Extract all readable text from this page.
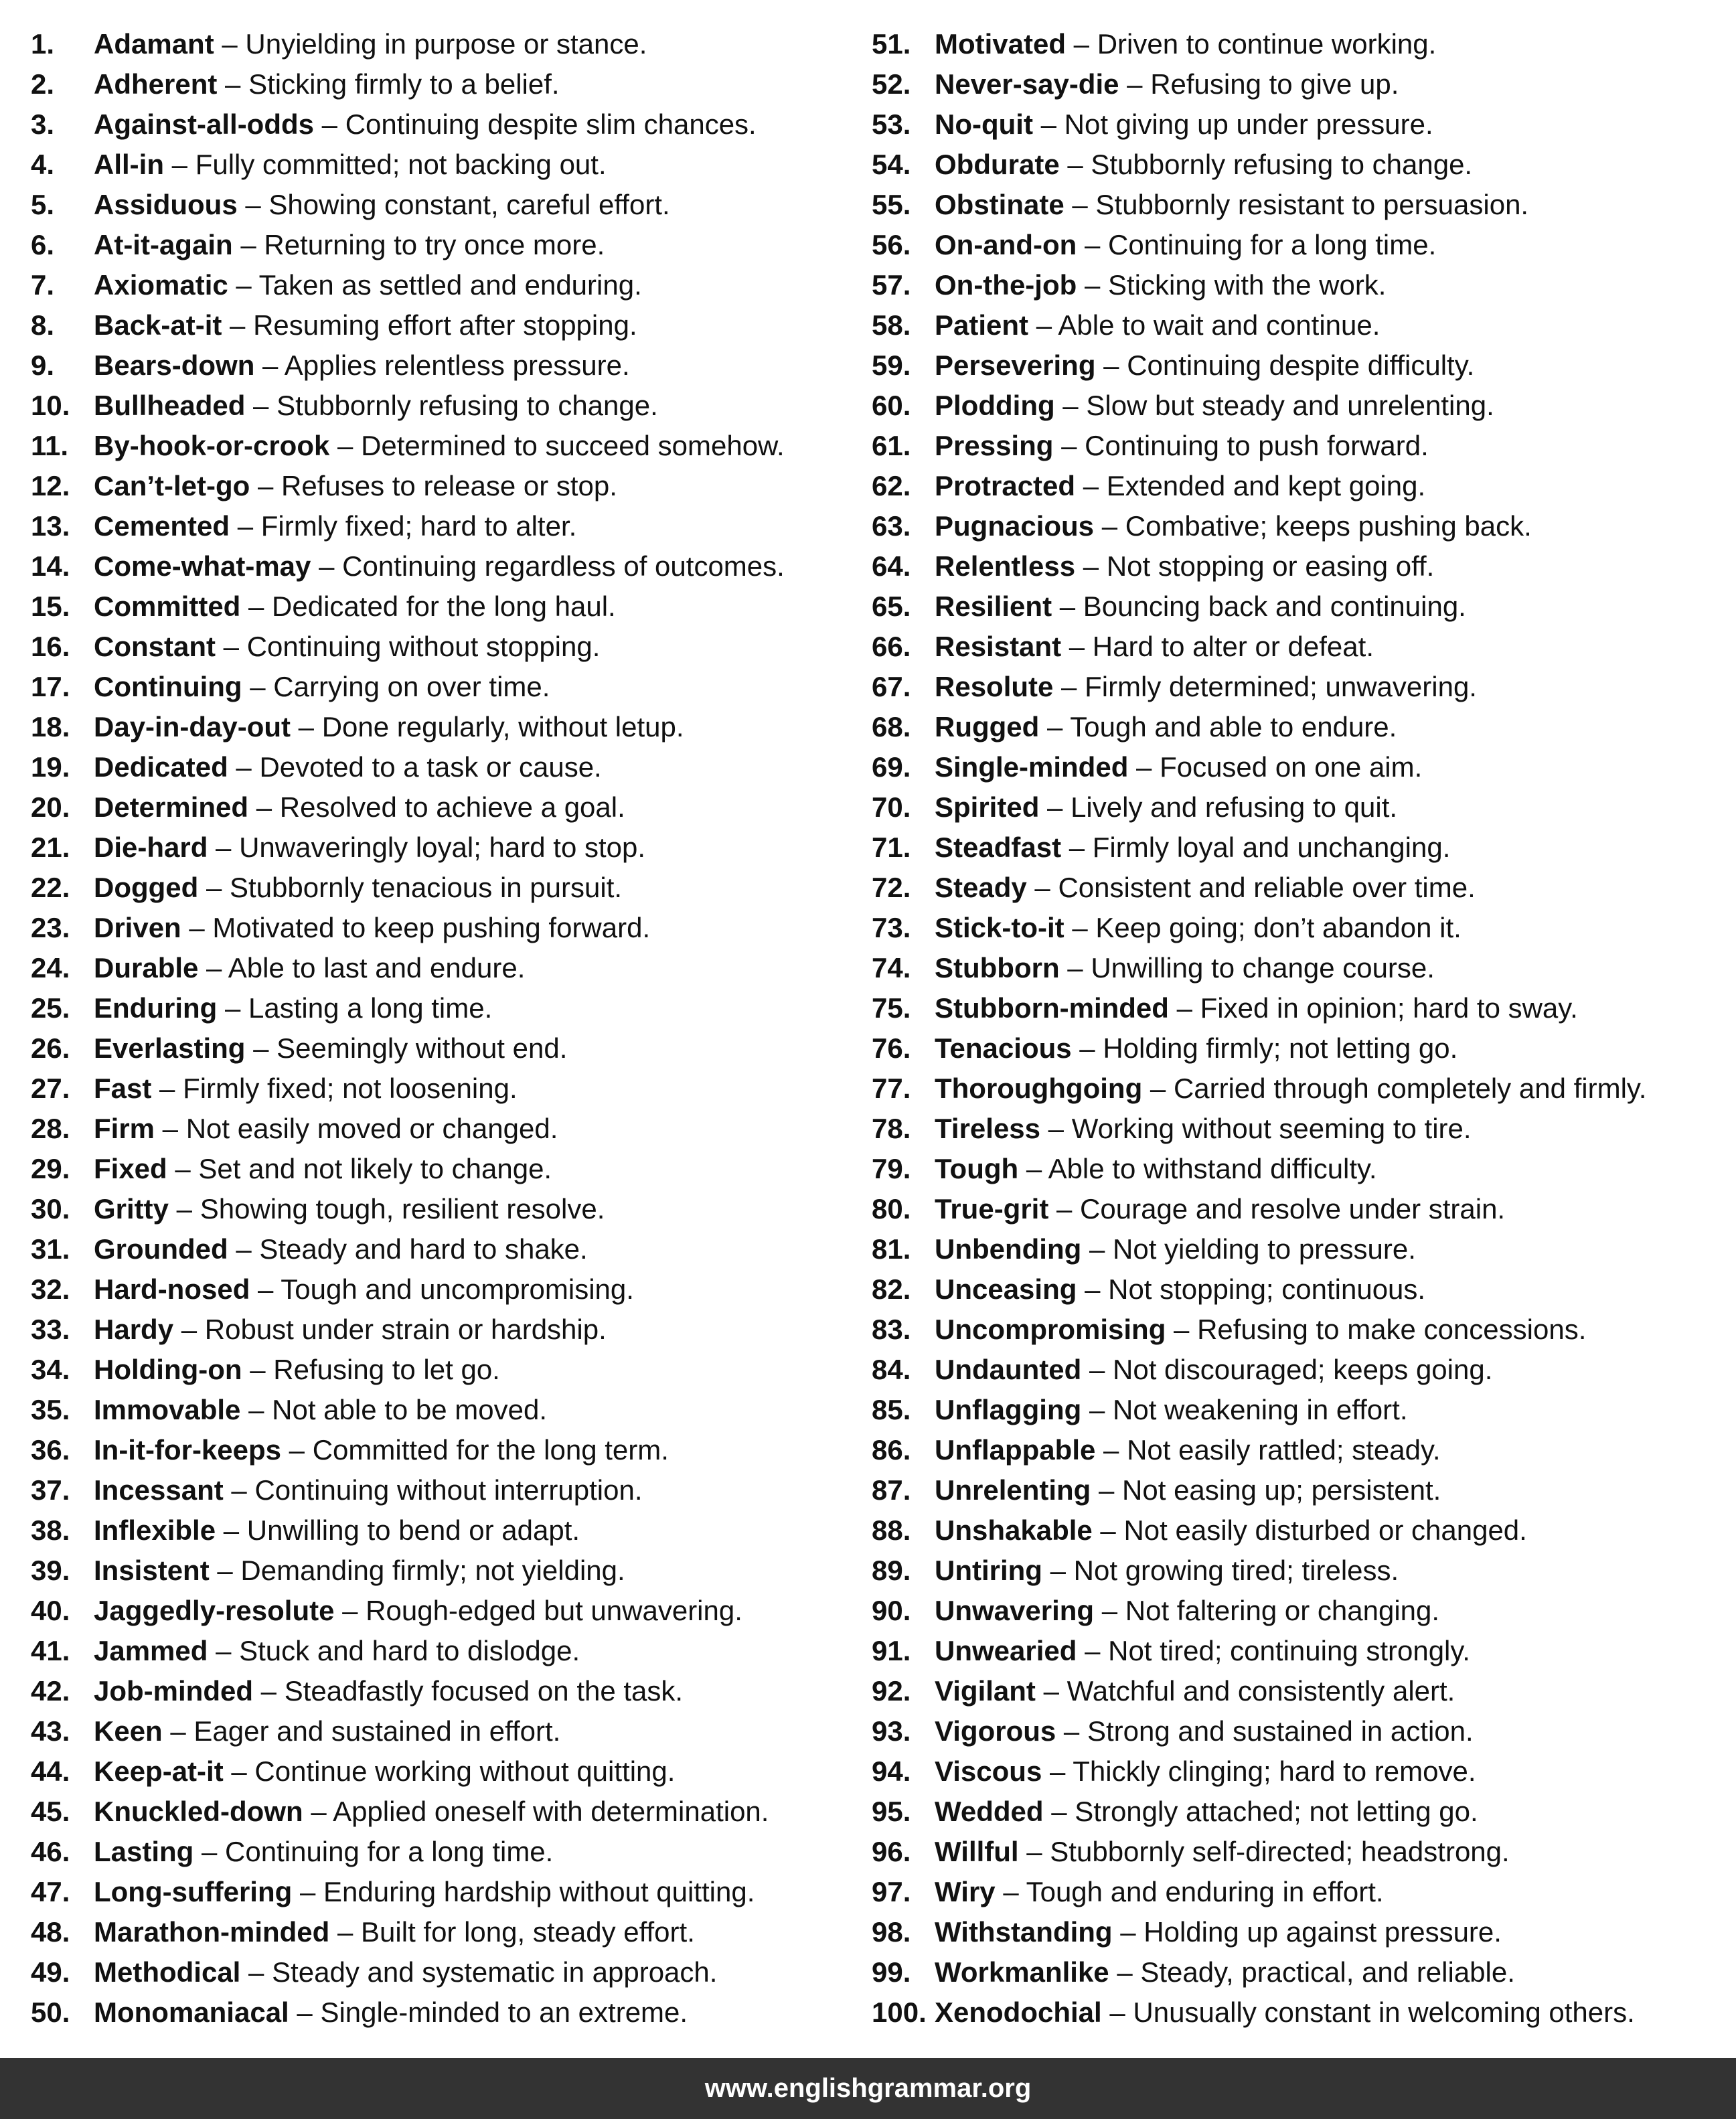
1.	Adamant – Unyielding in purpose or stance.
2.	Adherent – Sticking firmly to a belief.
3.	Against-all-odds – Continuing despite slim chances.
4.	All-in – Fully committed; not backing out.
5.	Assiduous – Showing constant, careful effort.
6.	At-it-again – Returning to try once more.
7.	Axiomatic – Taken as settled and enduring.
8.	Back-at-it – Resuming effort after stopping.
9.	Bears-down – Applies relentless pressure.
10. Bullheaded – Stubbornly refusing to change.
11. By-hook-or-crook – Determined to succeed somehow.
12. Can’t-let-go – Refuses to release or stop.
13. Cemented – Firmly fixed; hard to alter.
14. Come-what-may – Continuing regardless of outcomes.
15. Committed – Dedicated for the long haul.
16. Constant – Continuing without stopping.
17. Continuing – Carrying on over time.
18. Day-in-day-out – Done regularly, without letup.
19. Dedicated – Devoted to a task or cause.
20. Determined – Resolved to achieve a goal.
21. Die-hard – Unwaveringly loyal; hard to stop.
22. Dogged – Stubbornly tenacious in pursuit.
23. Driven – Motivated to keep pushing forward.
24. Durable – Able to last and endure.
25. Enduring – Lasting a long time.
26. Everlasting – Seemingly without end.
27. Fast – Firmly fixed; not loosening.
28. Firm – Not easily moved or changed.
29. Fixed – Set and not likely to change.
30. Gritty – Showing tough, resilient resolve.
31. Grounded – Steady and hard to shake.
32. Hard-nosed – Tough and uncompromising.
33. Hardy – Robust under strain or hardship.
34. Holding-on – Refusing to let go.
35. Immovable – Not able to be moved.
36. In-it-for-keeps – Committed for the long term.
37. Incessant – Continuing without interruption.
38. Inflexible – Unwilling to bend or adapt.
39. Insistent – Demanding firmly; not yielding.
40. Jaggedly-resolute – Rough-edged but unwavering.
41. Jammed – Stuck and hard to dislodge.
42. Job-minded – Steadfastly focused on the task.
43. Keen – Eager and sustained in effort.
44. Keep-at-it – Continue working without quitting.
45. Knuckled-down – Applied oneself with determination.
46. Lasting – Continuing for a long time.
47. Long-suffering – Enduring hardship without quitting.
48. Marathon-minded – Built for long, steady effort.
49. Methodical – Steady and systematic in approach.
50. Monomaniacal – Single-minded to an extreme.
51. Motivated – Driven to continue working.
52. Never-say-die – Refusing to give up.
53. No-quit – Not giving up under pressure.
54. Obdurate – Stubbornly refusing to change.
55. Obstinate – Stubbornly resistant to persuasion.
56. On-and-on – Continuing for a long time.
57. On-the-job – Sticking with the work.
58. Patient – Able to wait and continue.
59. Persevering – Continuing despite difficulty.
60. Plodding – Slow but steady and unrelenting.
61. Pressing – Continuing to push forward.
62. Protracted – Extended and kept going.
63. Pugnacious – Combative; keeps pushing back.
64. Relentless – Not stopping or easing off.
65. Resilient – Bouncing back and continuing.
66. Resistant – Hard to alter or defeat.
67. Resolute – Firmly determined; unwavering.
68. Rugged – Tough and able to endure.
69. Single-minded – Focused on one aim.
70. Spirited – Lively and refusing to quit.
71. Steadfast – Firmly loyal and unchanging.
72. Steady – Consistent and reliable over time.
73. Stick-to-it – Keep going; don’t abandon it.
74. Stubborn – Unwilling to change course.
75. Stubborn-minded – Fixed in opinion; hard to sway.
76. Tenacious – Holding firmly; not letting go.
77. Thoroughgoing – Carried through completely and firmly.
78. Tireless – Working without seeming to tire.
79. Tough – Able to withstand difficulty.
80. True-grit – Courage and resolve under strain.
81. Unbending – Not yielding to pressure.
82. Unceasing – Not stopping; continuous.
83. Uncompromising – Refusing to make concessions.
84. Undaunted – Not discouraged; keeps going.
85. Unflagging – Not weakening in effort.
86. Unflappable – Not easily rattled; steady.
87. Unrelenting – Not easing up; persistent.
88. Unshakable – Not easily disturbed or changed.
89. Untiring – Not growing tired; tireless.
90. Unwavering – Not faltering or changing.
91. Unwearied – Not tired; continuing strongly.
92. Vigilant – Watchful and consistently alert.
93. Vigorous – Strong and sustained in action.
94. Viscous – Thickly clinging; hard to remove.
95. Wedded – Strongly attached; not letting go.
96. Willful – Stubbornly self-directed; headstrong.
97. Wiry – Tough and enduring in effort.
98. Withstanding – Holding up against pressure.
99. Workmanlike – Steady, practical, and reliable.
100. Xenodochial – Unusually constant in welcoming others.
www.englishgrammar.org
